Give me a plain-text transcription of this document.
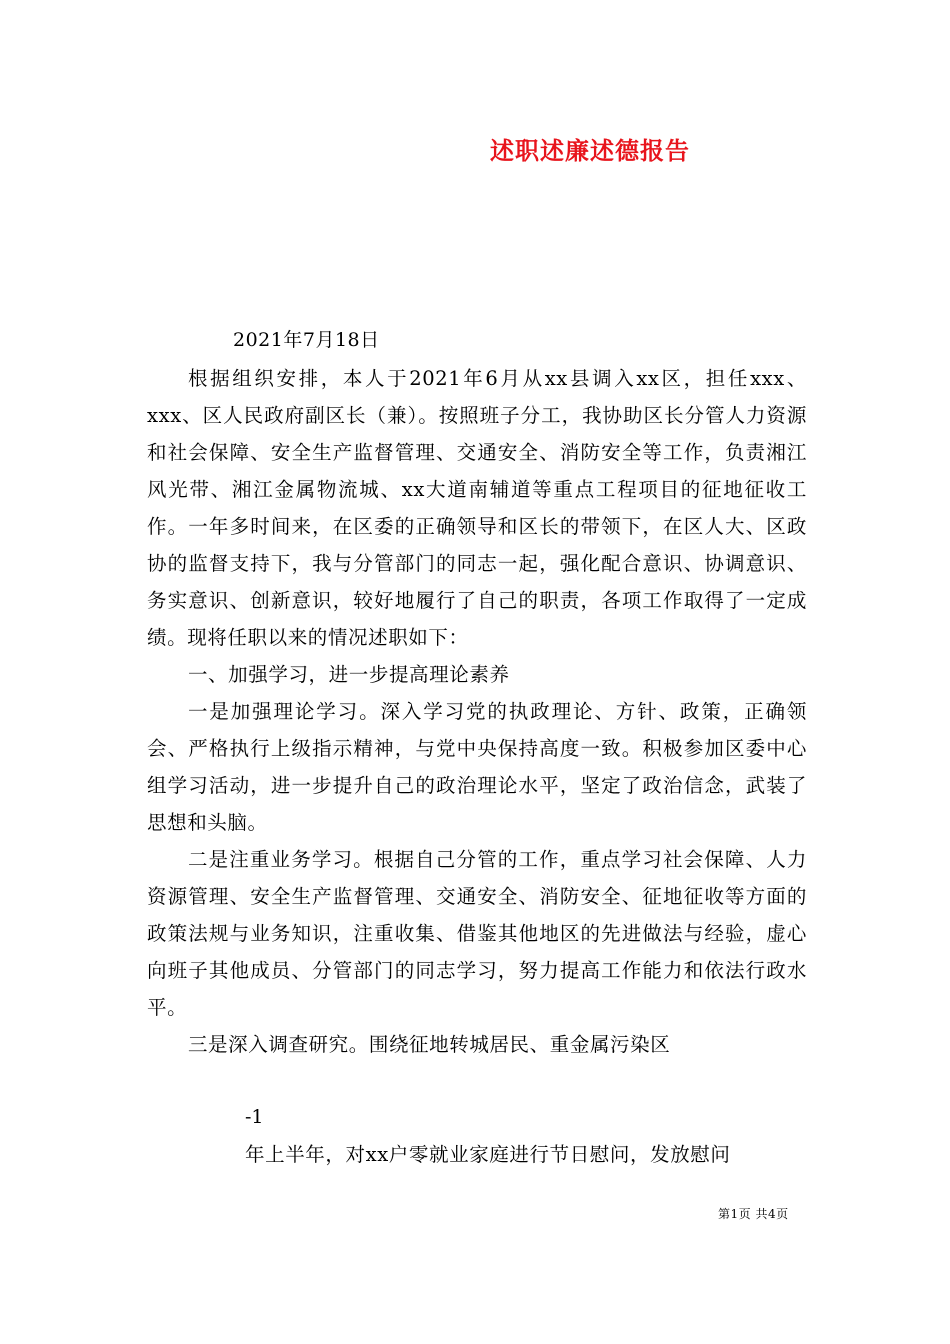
述职述廉述德报告
2021年7月18日

根据组织安排，本人于2021年6月从xx县调入xx区，担任xxx、xxx、区人民政府副区长（兼）。按照班子分工，我协助区长分管人力资源和社会保障、安全生产监督管理、交通安全、消防安全等工作，负责湘江风光带、湘江金属物流城、xx大道南辅道等重点工程项目的征地征收工作。一年多时间来，在区委的正确领导和区长的带领下，在区人大、区政协的监督支持下，我与分管部门的同志一起，强化配合意识、协调意识、务实意识、创新意识，较好地履行了自己的职责，各项工作取得了一定成绩。现将任职以来的情况述职如下：

一、加强学习，进一步提高理论素养

一是加强理论学习。深入学习党的执政理论、方针、政策，正确领会、严格执行上级指示精神，与党中央保持高度一致。积极参加区委中心组学习活动，进一步提升自己的政治理论水平，坚定了政治信念，武装了思想和头脑。

二是注重业务学习。根据自己分管的工作，重点学习社会保障、人力资源管理、安全生产监督管理、交通安全、消防安全、征地征收等方面的政策法规与业务知识，注重收集、借鉴其他地区的先进做法与经验，虚心向班子其他成员、分管部门的同志学习，努力提高工作能力和依法行政水平。

三是深入调查研究。围绕征地转城居民、重金属污染区

-1
年上半年，对xx户零就业家庭进行节日慰问，发放慰问
第1页 共4页
